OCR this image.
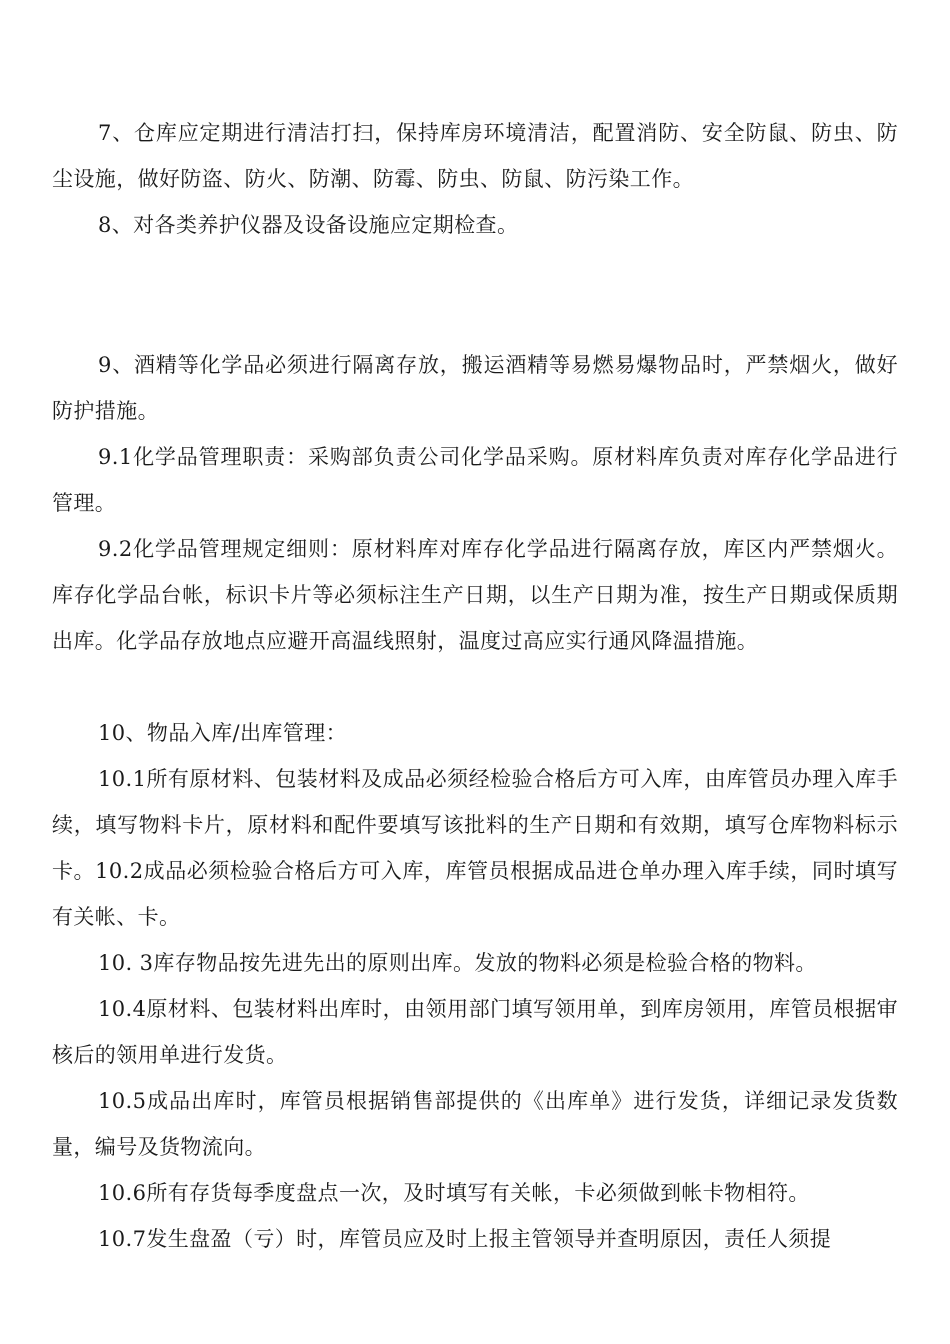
7、仓库应定期进行清洁打扫，保持库房环境清洁，配置消防、安全防鼠、防虫、防尘设施，做好防盗、防火、防潮、防霉、防虫、防鼠、防污染工作。

8、对各类养护仪器及设备设施应定期检查。

9、酒精等化学品必须进行隔离存放，搬运酒精等易燃易爆物品时，严禁烟火，做好防护措施。

9.1化学品管理职责：采购部负责公司化学品采购。原材料库负责对库存化学品进行管理。

9.2化学品管理规定细则：原材料库对库存化学品进行隔离存放，库区内严禁烟火。库存化学品台帐，标识卡片等必须标注生产日期，以生产日期为准，按生产日期或保质期出库。化学品存放地点应避开高温线照射，温度过高应实行通风降温措施。

10、物品入库/出库管理：

10.1所有原材料、包装材料及成品必须经检验合格后方可入库，由库管员办理入库手续，填写物料卡片，原材料和配件要填写该批料的生产日期和有效期，填写仓库物料标示卡。10.2成品必须检验合格后方可入库，库管员根据成品进仓单办理入库手续，同时填写有关帐、卡。

10. 3库存物品按先进先出的原则出库。发放的物料必须是检验合格的物料。

10.4原材料、包装材料出库时，由领用部门填写领用单，到库房领用，库管员根据审核后的领用单进行发货。

10.5成品出库时，库管员根据销售部提供的《出库单》进行发货，详细记录发货数量，编号及货物流向。

10.6所有存货每季度盘点一次，及时填写有关帐，卡必须做到帐卡物相符。

10.7发生盘盈（亏）时，库管员应及时上报主管领导并查明原因，责任人须提
